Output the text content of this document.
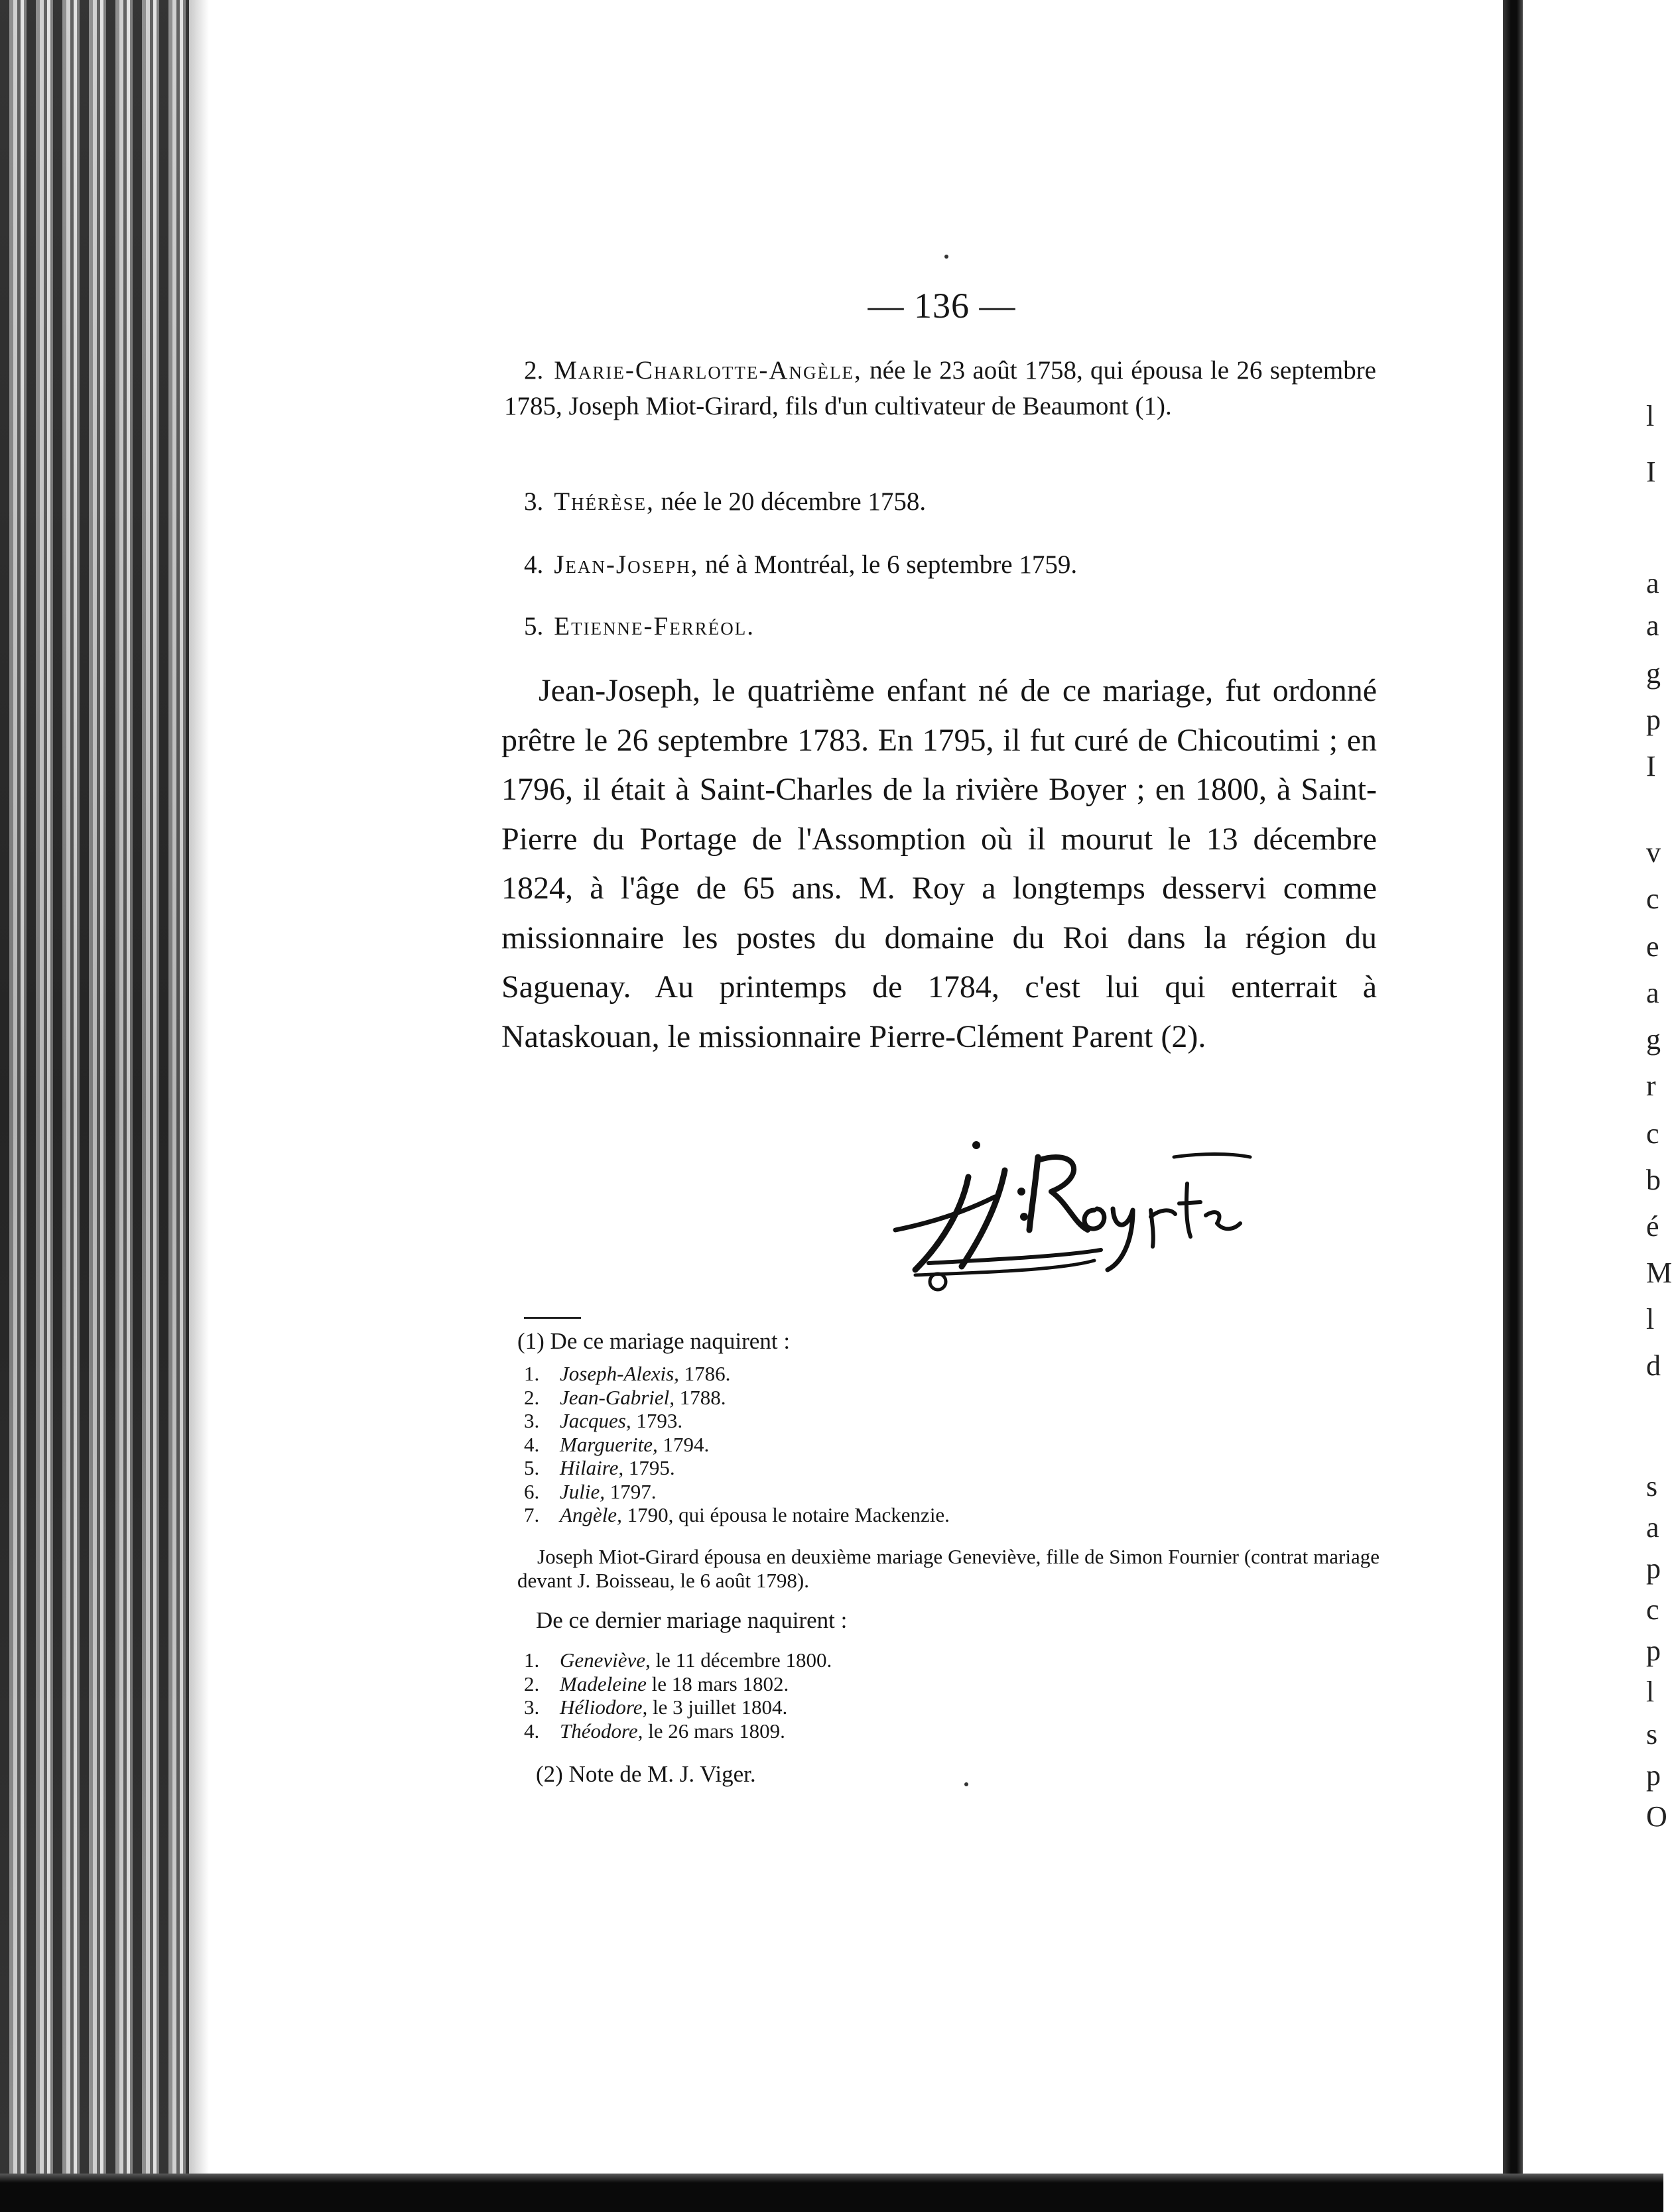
l
I
a
a
g
p
I
v
c
e
a
g
r
c
b
é
M
l
d
s
a
p
c
p
l
s
p
O
— 136 —
2. Marie-Charlotte-Angèle, née le 23 août 1758, qui épousa le 26 septembre 1785, Joseph Miot-Girard, fils d'un cultivateur de Beaumont (1).
3. Thérèse, née le 20 décembre 1758.
4. Jean-Joseph, né à Montréal, le 6 septembre 1759.
5. Etienne-Ferréol.
Jean-Joseph, le quatrième enfant né de ce mariage, fut ordonné prêtre le 26 septembre 1783. En 1795, il fut curé de Chicoutimi ; en 1796, il était à Saint-Charles de la rivière Boyer ; en 1800, à Saint-Pierre du Portage de l'Assomption où il mourut le 13 décembre 1824, à l'âge de 65 ans. M. Roy a longtemps desservi comme missionnaire les postes du domaine du Roi dans la région du Saguenay. Au printemps de 1784, c'est lui qui enterrait à Nataskouan, le missionnaire Pierre-Clément Parent (2).
J.J. Roy ptre
(1) De ce mariage naquirent :
1. Joseph-Alexis, 1786.
2. Jean-Gabriel, 1788.
3. Jacques, 1793.
4. Marguerite, 1794.
5. Hilaire, 1795.
6. Julie, 1797.
7. Angèle, 1790, qui épousa le notaire Mackenzie.
Joseph Miot-Girard épousa en deuxième mariage Geneviève, fille de Simon Fournier (contrat mariage devant J. Boisseau, le 6 août 1798).
De ce dernier mariage naquirent :
1. Geneviève, le 11 décembre 1800.
2. Madeleine le 18 mars 1802.
3. Héliodore, le 3 juillet 1804.
4. Théodore, le 26 mars 1809.
(2) Note de M. J. Viger.
